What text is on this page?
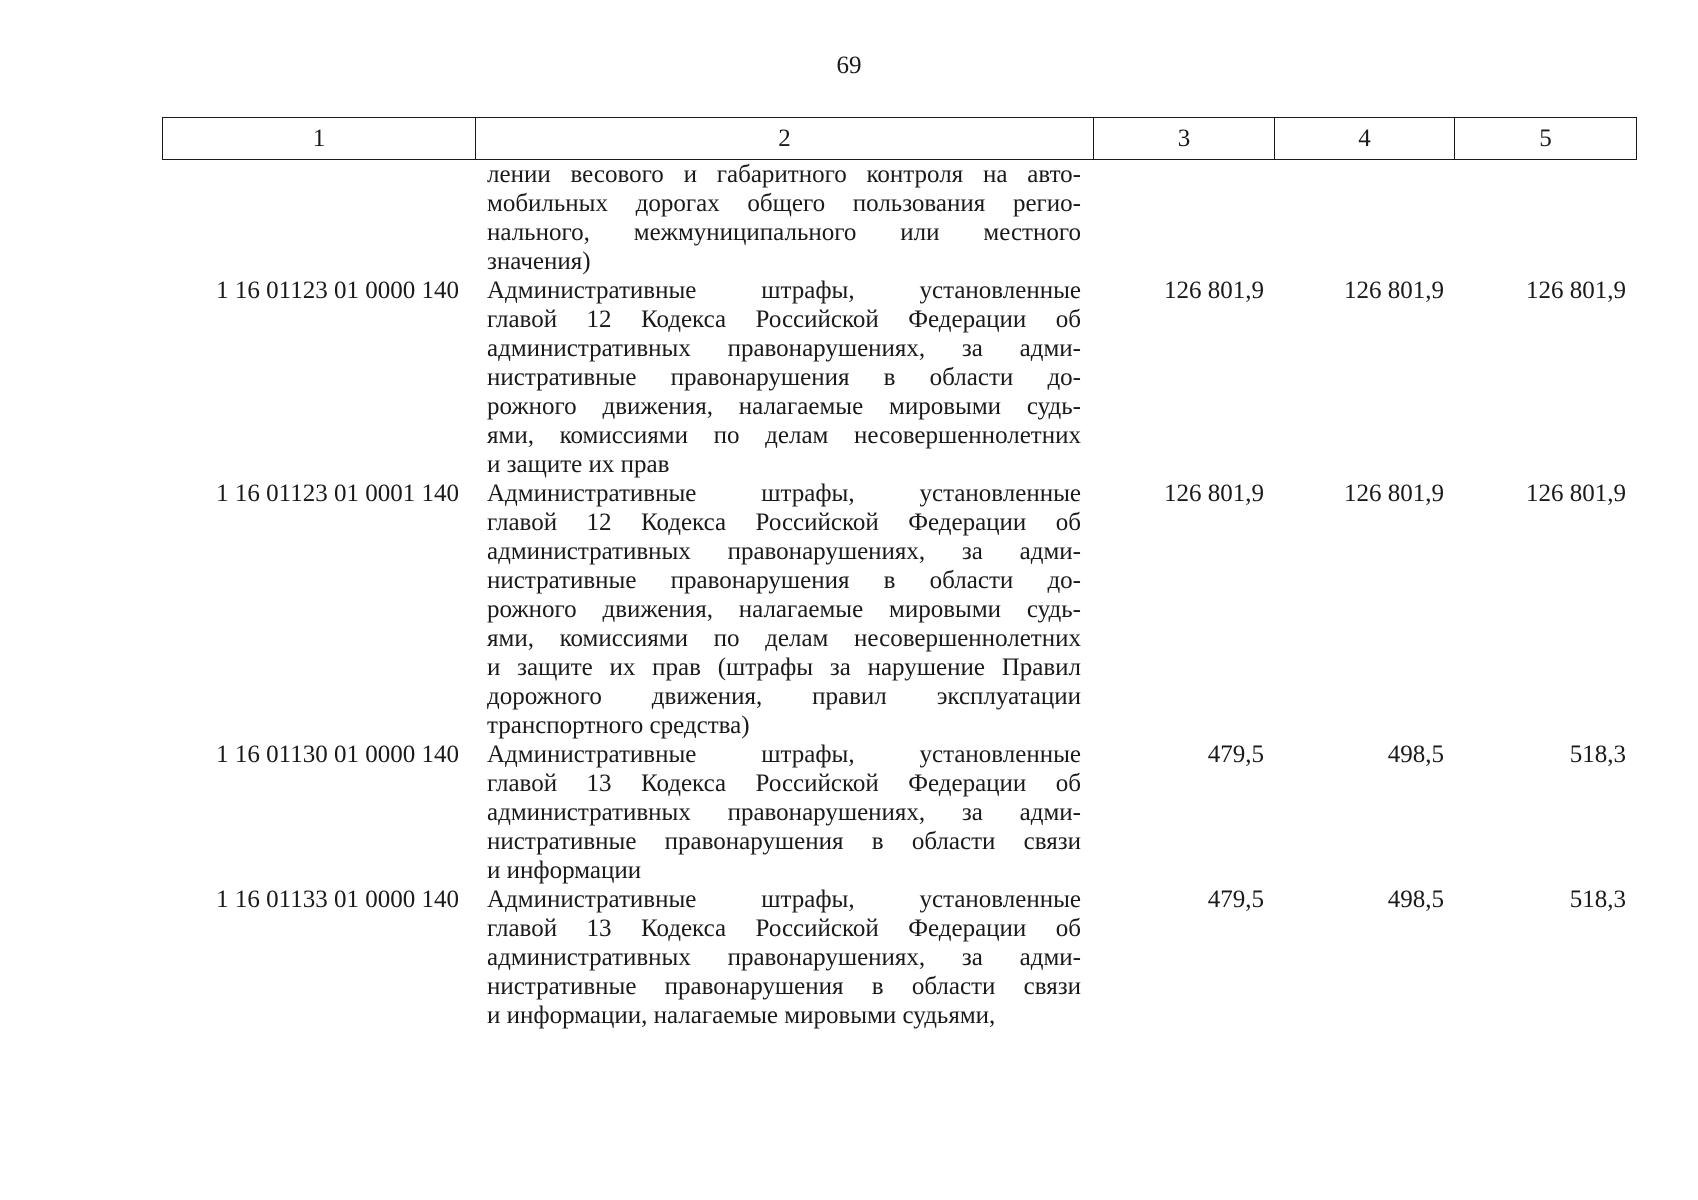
69
1	2	3	4	5
лении весового и габаритного контроля на авто-
мобильных дорогах общего пользования регио-
нального, межмуниципального или местного
значения)
1 16 01123 01 0000 140	Административные штрафы, установленные
главой 12 Кодекса Российской Федерации об
административных правонарушениях, за адми-
нистративные правонарушения в области до-
рожного движения, налагаемые мировыми судь-
ями, комиссиями по делам несовершеннолетних
и защите их прав
126 801,9	126 801,9	126 801,9
1 16 01123 01 0001 140	Административные штрафы, установленные
главой 12 Кодекса Российской Федерации об
административных правонарушениях, за адми-
нистративные правонарушения в области до-
рожного движения, налагаемые мировыми судь-
ями, комиссиями по делам несовершеннолетних
и защите их прав (штрафы за нарушение Правил
дорожного движения, правил эксплуатации
транспортного средства)
126 801,9	126 801,9	126 801,9
1 16 01130 01 0000 140	Административные штрафы, установленные
главой 13 Кодекса Российской Федерации об
административных правонарушениях, за адми-
нистративные правонарушения в области связи
и информации
479,5	498,5	518,3
1 16 01133 01 0000 140	Административные штрафы, установленные
главой 13 Кодекса Российской Федерации об
административных правонарушениях, за адми-
нистративные правонарушения в области связи
и информации, налагаемые мировыми судьями,
479,5	498,5	518,3
